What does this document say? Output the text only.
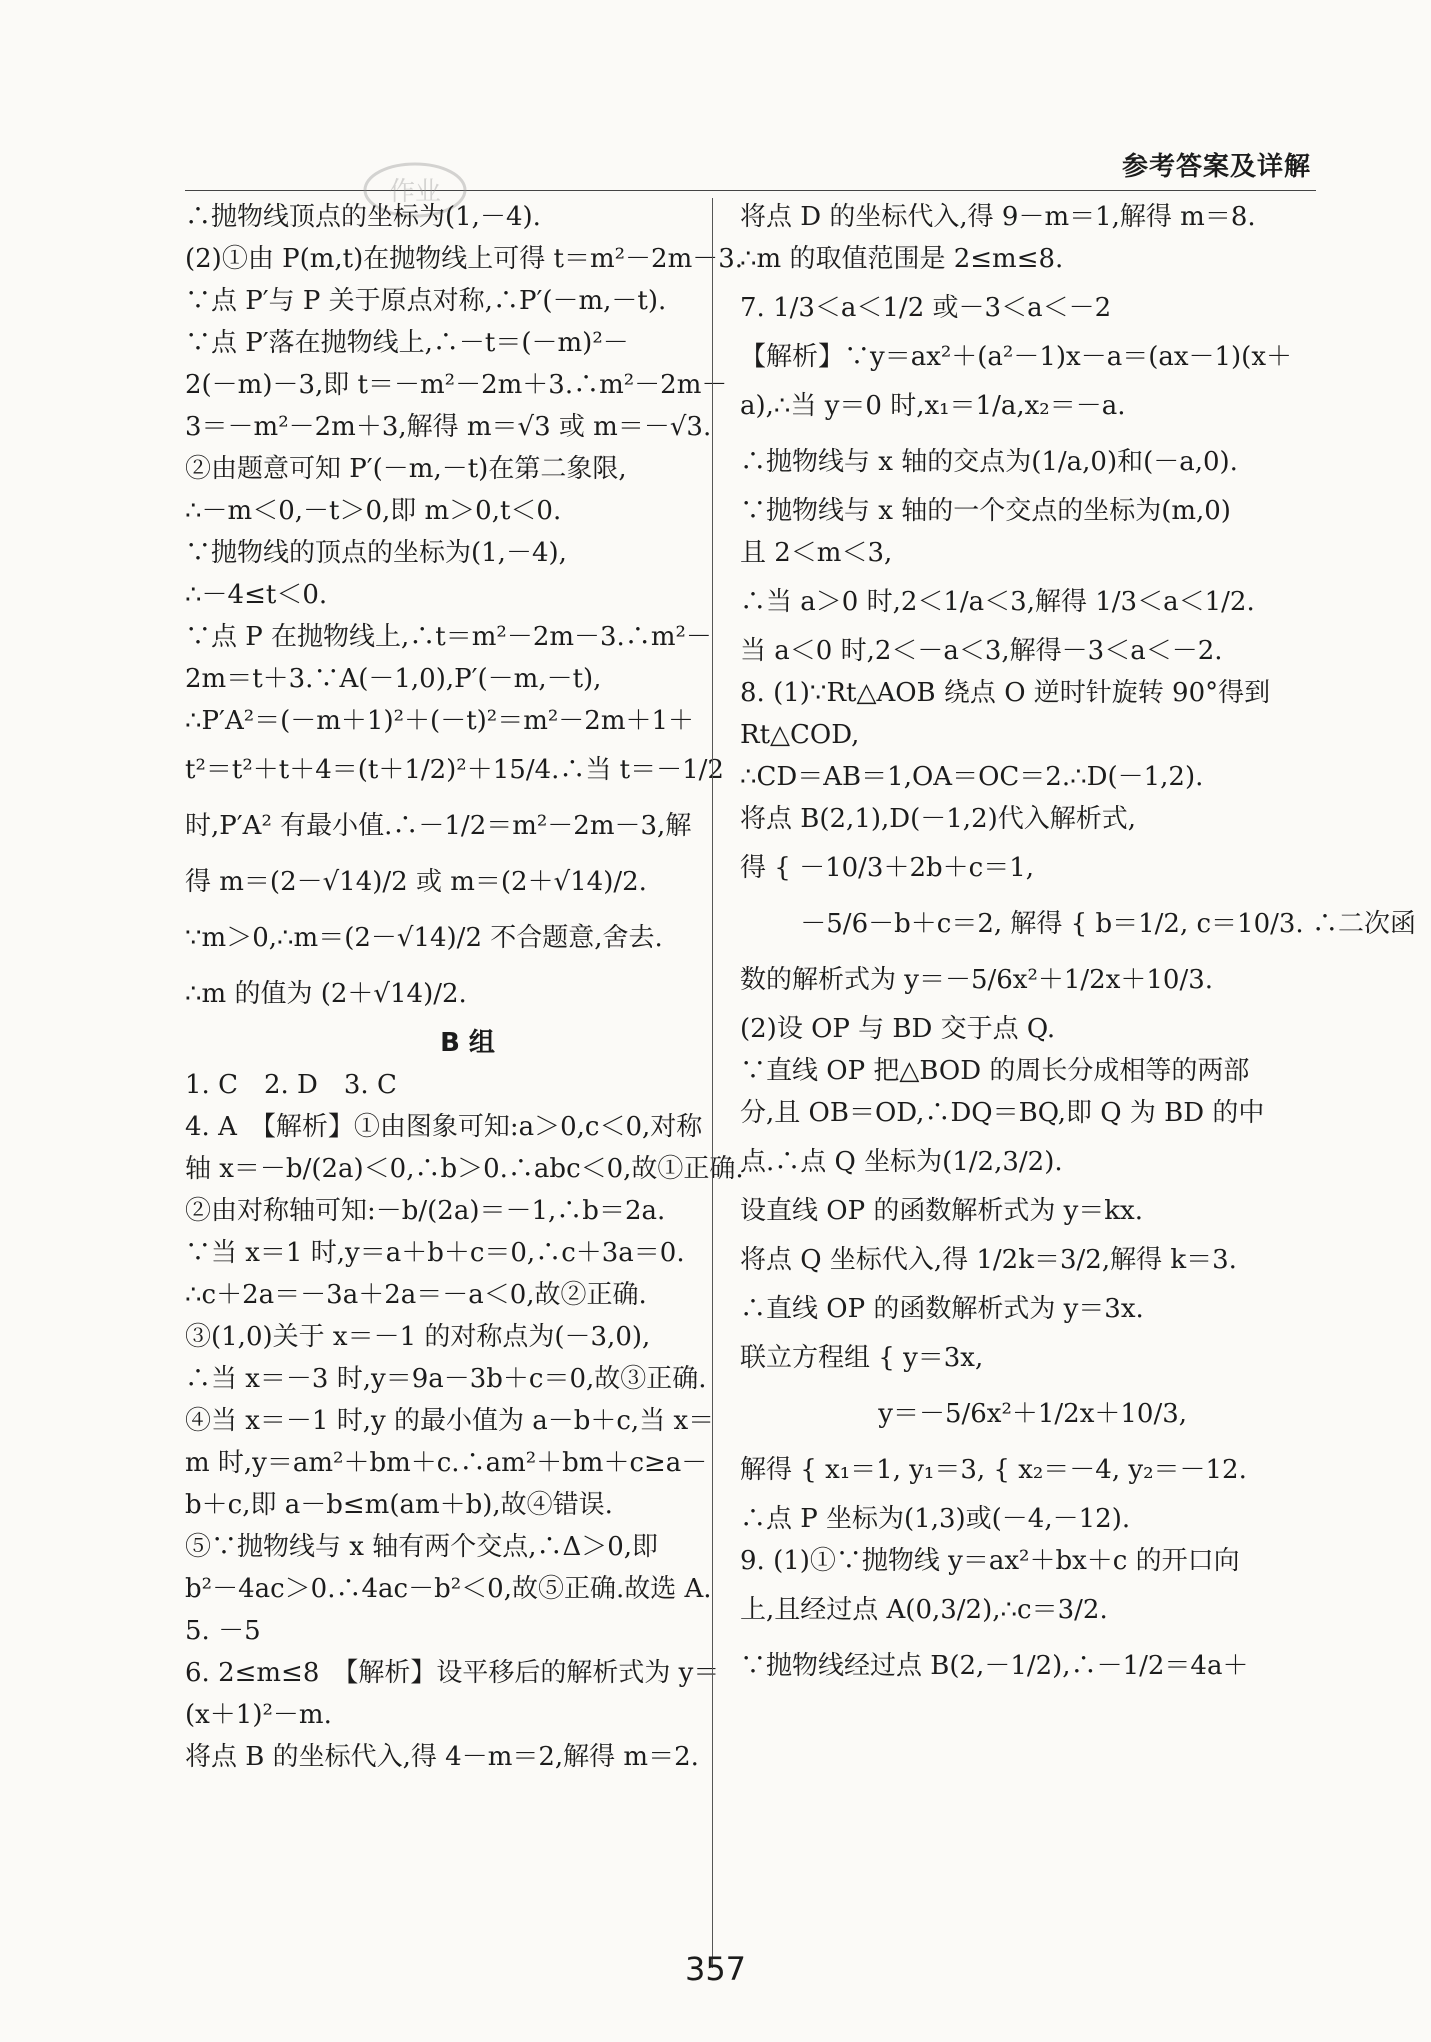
参考答案及详解
作业
∴抛物线顶点的坐标为(1,－4).
(2)①由 P(m,t)在抛物线上可得 t＝m²－2m－3.
∵点 P′与 P 关于原点对称,∴P′(－m,－t).
∵点 P′落在抛物线上,∴－t＝(－m)²－
2(－m)－3,即 t＝－m²－2m＋3.∴m²－2m－
3＝－m²－2m＋3,解得 m＝√3 或 m＝－√3.
②由题意可知 P′(－m,－t)在第二象限,
∴－m＜0,－t＞0,即 m＞0,t＜0.
∵抛物线的顶点的坐标为(1,－4),
∴－4≤t＜0.
∵点 P 在抛物线上,∴t＝m²－2m－3.∴m²－
2m＝t＋3.∵A(－1,0),P′(－m,－t),
∴P′A²＝(－m＋1)²＋(－t)²＝m²－2m＋1＋
t²＝t²＋t＋4＝(t＋1/2)²＋15/4.∴当 t＝－1/2
时,P′A² 有最小值.∴－1/2＝m²－2m－3,解
得 m＝(2－√14)/2 或 m＝(2＋√14)/2.
∵m＞0,∴m＝(2－√14)/2 不合题意,舍去.
∴m 的值为 (2＋√14)/2.
B 组
1. C　2. D　3. C
4. A　【解析】①由图象可知:a＞0,c＜0,对称
轴 x＝－b/(2a)＜0,∴b＞0.∴abc＜0,故①正确.
②由对称轴可知:－b/(2a)＝－1,∴b＝2a.
∵当 x＝1 时,y＝a＋b＋c＝0,∴c＋3a＝0.
∴c＋2a＝－3a＋2a＝－a＜0,故②正确.
③(1,0)关于 x＝－1 的对称点为(－3,0),
∴当 x＝－3 时,y＝9a－3b＋c＝0,故③正确.
④当 x＝－1 时,y 的最小值为 a－b＋c,当 x＝
m 时,y＝am²＋bm＋c.∴am²＋bm＋c≥a－
b＋c,即 a－b≤m(am＋b),故④错误.
⑤∵抛物线与 x 轴有两个交点,∴Δ＞0,即
b²－4ac＞0.∴4ac－b²＜0,故⑤正确.故选 A.
5. －5
6. 2≤m≤8　【解析】设平移后的解析式为 y＝
(x＋1)²－m.
将点 B 的坐标代入,得 4－m＝2,解得 m＝2.
将点 D 的坐标代入,得 9－m＝1,解得 m＝8.
∴m 的取值范围是 2≤m≤8.
7. 1/3＜a＜1/2 或－3＜a＜－2
【解析】∵y＝ax²＋(a²－1)x－a＝(ax－1)(x＋
a),∴当 y＝0 时,x₁＝1/a,x₂＝－a.
∴抛物线与 x 轴的交点为(1/a,0)和(－a,0).
∵抛物线与 x 轴的一个交点的坐标为(m,0)
且 2＜m＜3,
∴当 a＞0 时,2＜1/a＜3,解得 1/3＜a＜1/2.
当 a＜0 时,2＜－a＜3,解得－3＜a＜－2.
8. (1)∵Rt△AOB 绕点 O 逆时针旋转 90°得到
Rt△COD,
∴CD＝AB＝1,OA＝OC＝2.∴D(－1,2).
将点 B(2,1),D(－1,2)代入解析式,
得 { －10/3＋2b＋c＝1,
　　 －5/6－b＋c＝2, 解得 { b＝1/2, c＝10/3. ∴二次函
数的解析式为 y＝－5/6x²＋1/2x＋10/3.
(2)设 OP 与 BD 交于点 Q.
∵直线 OP 把△BOD 的周长分成相等的两部
分,且 OB＝OD,∴DQ＝BQ,即 Q 为 BD 的中
点.∴点 Q 坐标为(1/2,3/2).
设直线 OP 的函数解析式为 y＝kx.
将点 Q 坐标代入,得 1/2k＝3/2,解得 k＝3.
∴直线 OP 的函数解析式为 y＝3x.
联立方程组 { y＝3x,
　　　　　 y＝－5/6x²＋1/2x＋10/3,
解得 { x₁＝1, y₁＝3, { x₂＝－4, y₂＝－12.
∴点 P 坐标为(1,3)或(－4,－12).
9. (1)①∵抛物线 y＝ax²＋bx＋c 的开口向
上,且经过点 A(0,3/2),∴c＝3/2.
∵抛物线经过点 B(2,－1/2),∴－1/2＝4a＋
357
